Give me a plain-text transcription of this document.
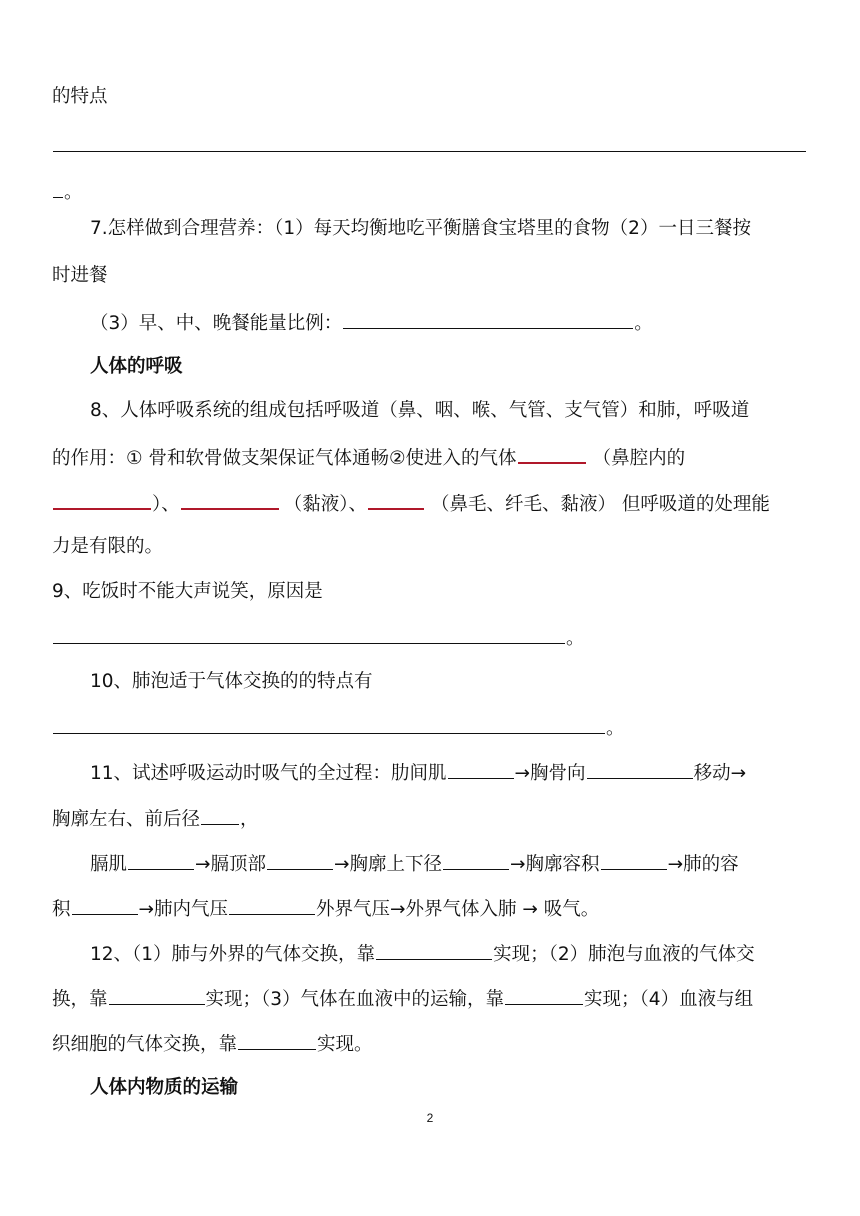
的特点
。
7.怎样做到合理营养：（1）每天均衡地吃平衡膳食宝塔里的食物（2）一日三餐按
时进餐
（3）早、中、晚餐能量比例：	。
人体的呼吸
8、人体呼吸系统的组成包括呼吸道（鼻、咽、喉、气管、支气管）和肺，呼吸道
的作用：① 骨和软骨做支架保证气体通畅②使进入的气体	（鼻腔内的
）、	（黏液）、	（鼻毛、纤毛、黏液） 但呼吸道的处理能
力是有限的。
9、吃饭时不能大声说笑，原因是
。
10、肺泡适于气体交换的的特点有
。
11、试述呼吸运动时吸气的全过程：肋间肌	→胸骨向	移动→
胸廓左右、前后径 ，
膈肌	→膈顶部	→胸廓上下径	→胸廓容积	→肺的容
积	→肺内气压	外界气压→外界气体入肺 → 吸气。
12、（1）肺与外界的气体交换，靠	实现；（2）肺泡与血液的气体交
换，靠	实现；（3）气体在血液中的运输，靠	实现；（4）血液与组
织细胞的气体交换，靠	实现。
人体内物质的运输
2
